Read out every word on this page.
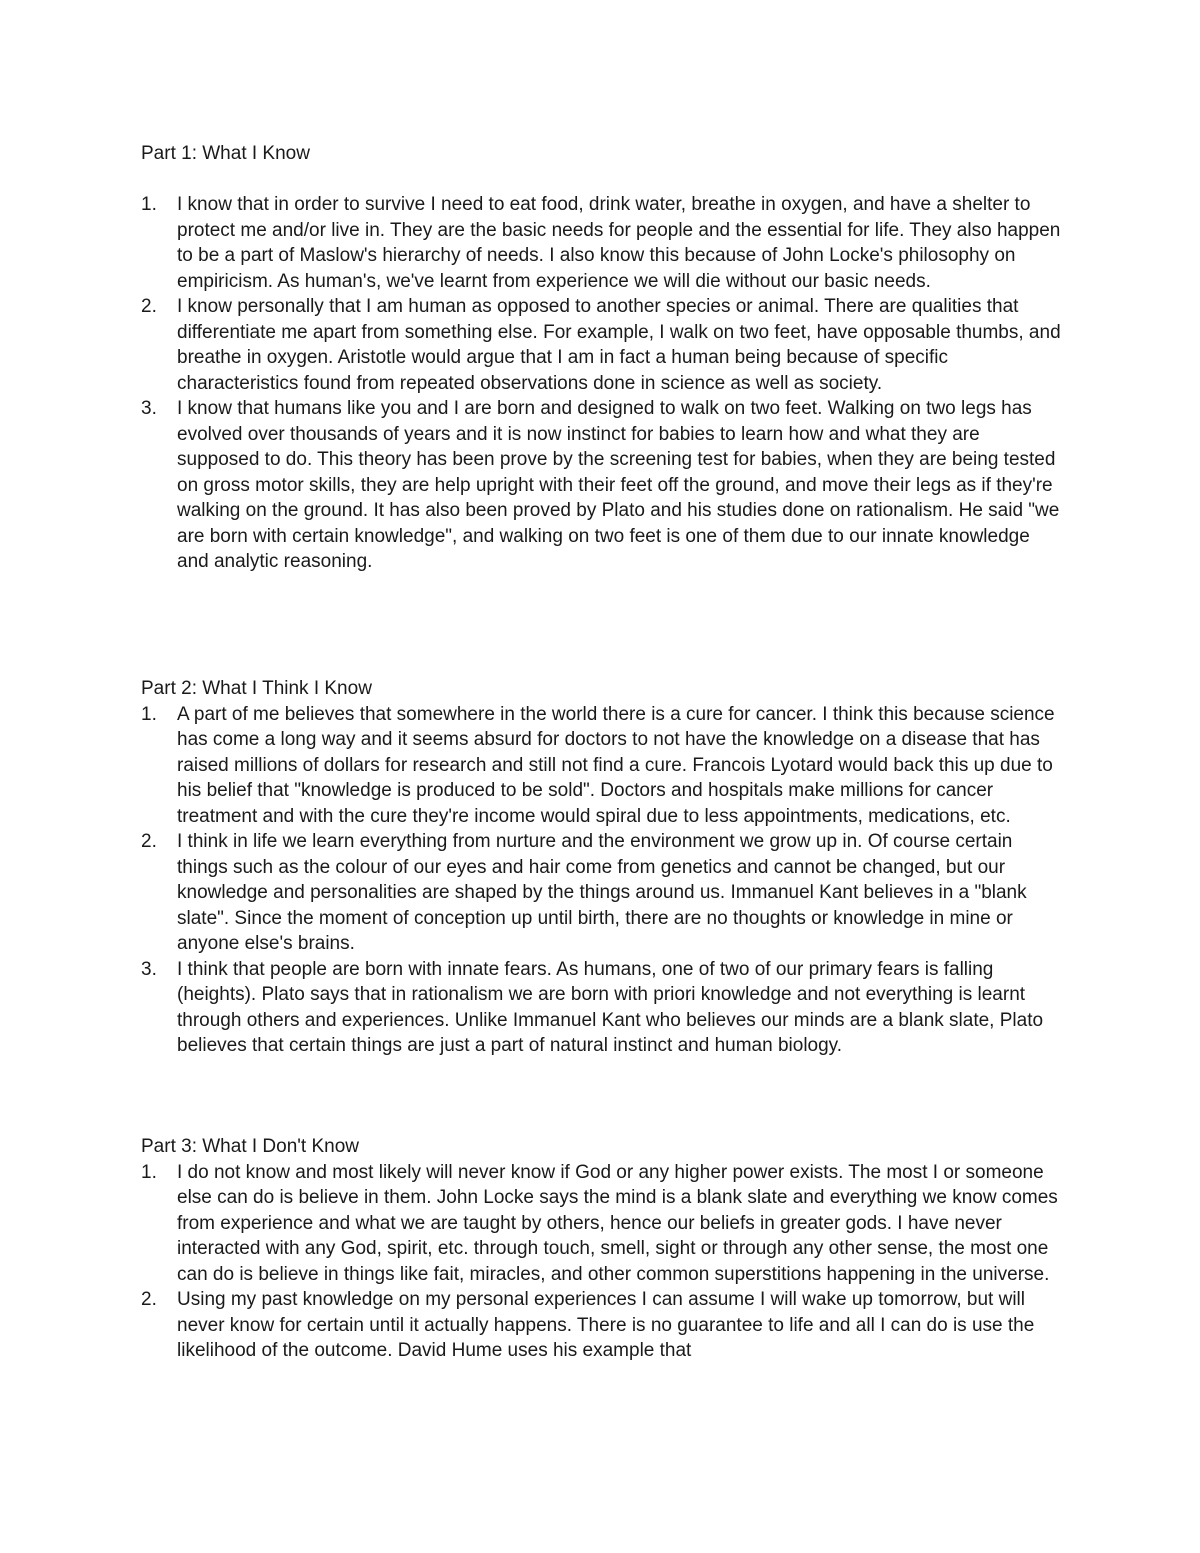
Part 1: What I Know
1. I know that in order to survive I need to eat food, drink water, breathe in oxygen, and have a shelter to protect me and/or live in. They are the basic needs for people and the essential for life. They also happen to be a part of Maslow's hierarchy of needs. I also know this because of John Locke's philosophy on empiricism. As human's, we've learnt from experience we will die without our basic needs.
2. I know personally that I am human as opposed to another species or animal. There are qualities that differentiate me apart from something else. For example, I walk on two feet, have opposable thumbs, and breathe in oxygen. Aristotle would argue that I am in fact a human being because of specific characteristics found from repeated observations done in science as well as society.
3. I know that humans like you and I are born and designed to walk on two feet. Walking on two legs has evolved over thousands of years and it is now instinct for babies to learn how and what they are supposed to do. This theory has been prove by the screening test for babies, when they are being tested on gross motor skills, they are help upright with their feet off the ground, and move their legs as if they're walking on the ground. It has also been proved by Plato and his studies done on rationalism. He said "we are born with certain knowledge", and walking on two feet is one of them due to our innate knowledge and analytic reasoning.
Part 2: What I Think I Know
1. A part of me believes that somewhere in the world there is a cure for cancer. I think this because science has come a long way and it seems absurd for doctors to not have the knowledge on a disease that has raised millions of dollars for research and still not find a cure. Francois Lyotard would back this up due to his belief that "knowledge is produced to be sold". Doctors and hospitals make millions for cancer treatment and with the cure they're income would spiral due to less appointments, medications, etc.
2. I think in life we learn everything from nurture and the environment we grow up in. Of course certain things such as the colour of our eyes and hair come from genetics and cannot be changed, but our knowledge and personalities are shaped by the things around us. Immanuel Kant believes in a "blank slate". Since the moment of conception up until birth, there are no thoughts or knowledge in mine or anyone else's brains.
3. I think that people are born with innate fears. As humans, one of two of our primary fears is falling (heights). Plato says that in rationalism we are born with priori knowledge and not everything is learnt through others and experiences. Unlike Immanuel Kant who believes our minds are a blank slate, Plato believes that certain things are just a part of natural instinct and human biology.
Part 3: What I Don't Know
1. I do not know and most likely will never know if God or any higher power exists. The most I or someone else can do is believe in them. John Locke says the mind is a blank slate and everything we know comes from experience and what we are taught by others, hence our beliefs in greater gods. I have never interacted with any God, spirit, etc. through touch, smell, sight or through any other sense, the most one can do is believe in things like fait, miracles, and other common superstitions happening in the universe.
2. Using my past knowledge on my personal experiences I can assume I will wake up tomorrow, but will never know for certain until it actually happens. There is no guarantee to life and all I can do is use the likelihood of the outcome. David Hume uses his example that
